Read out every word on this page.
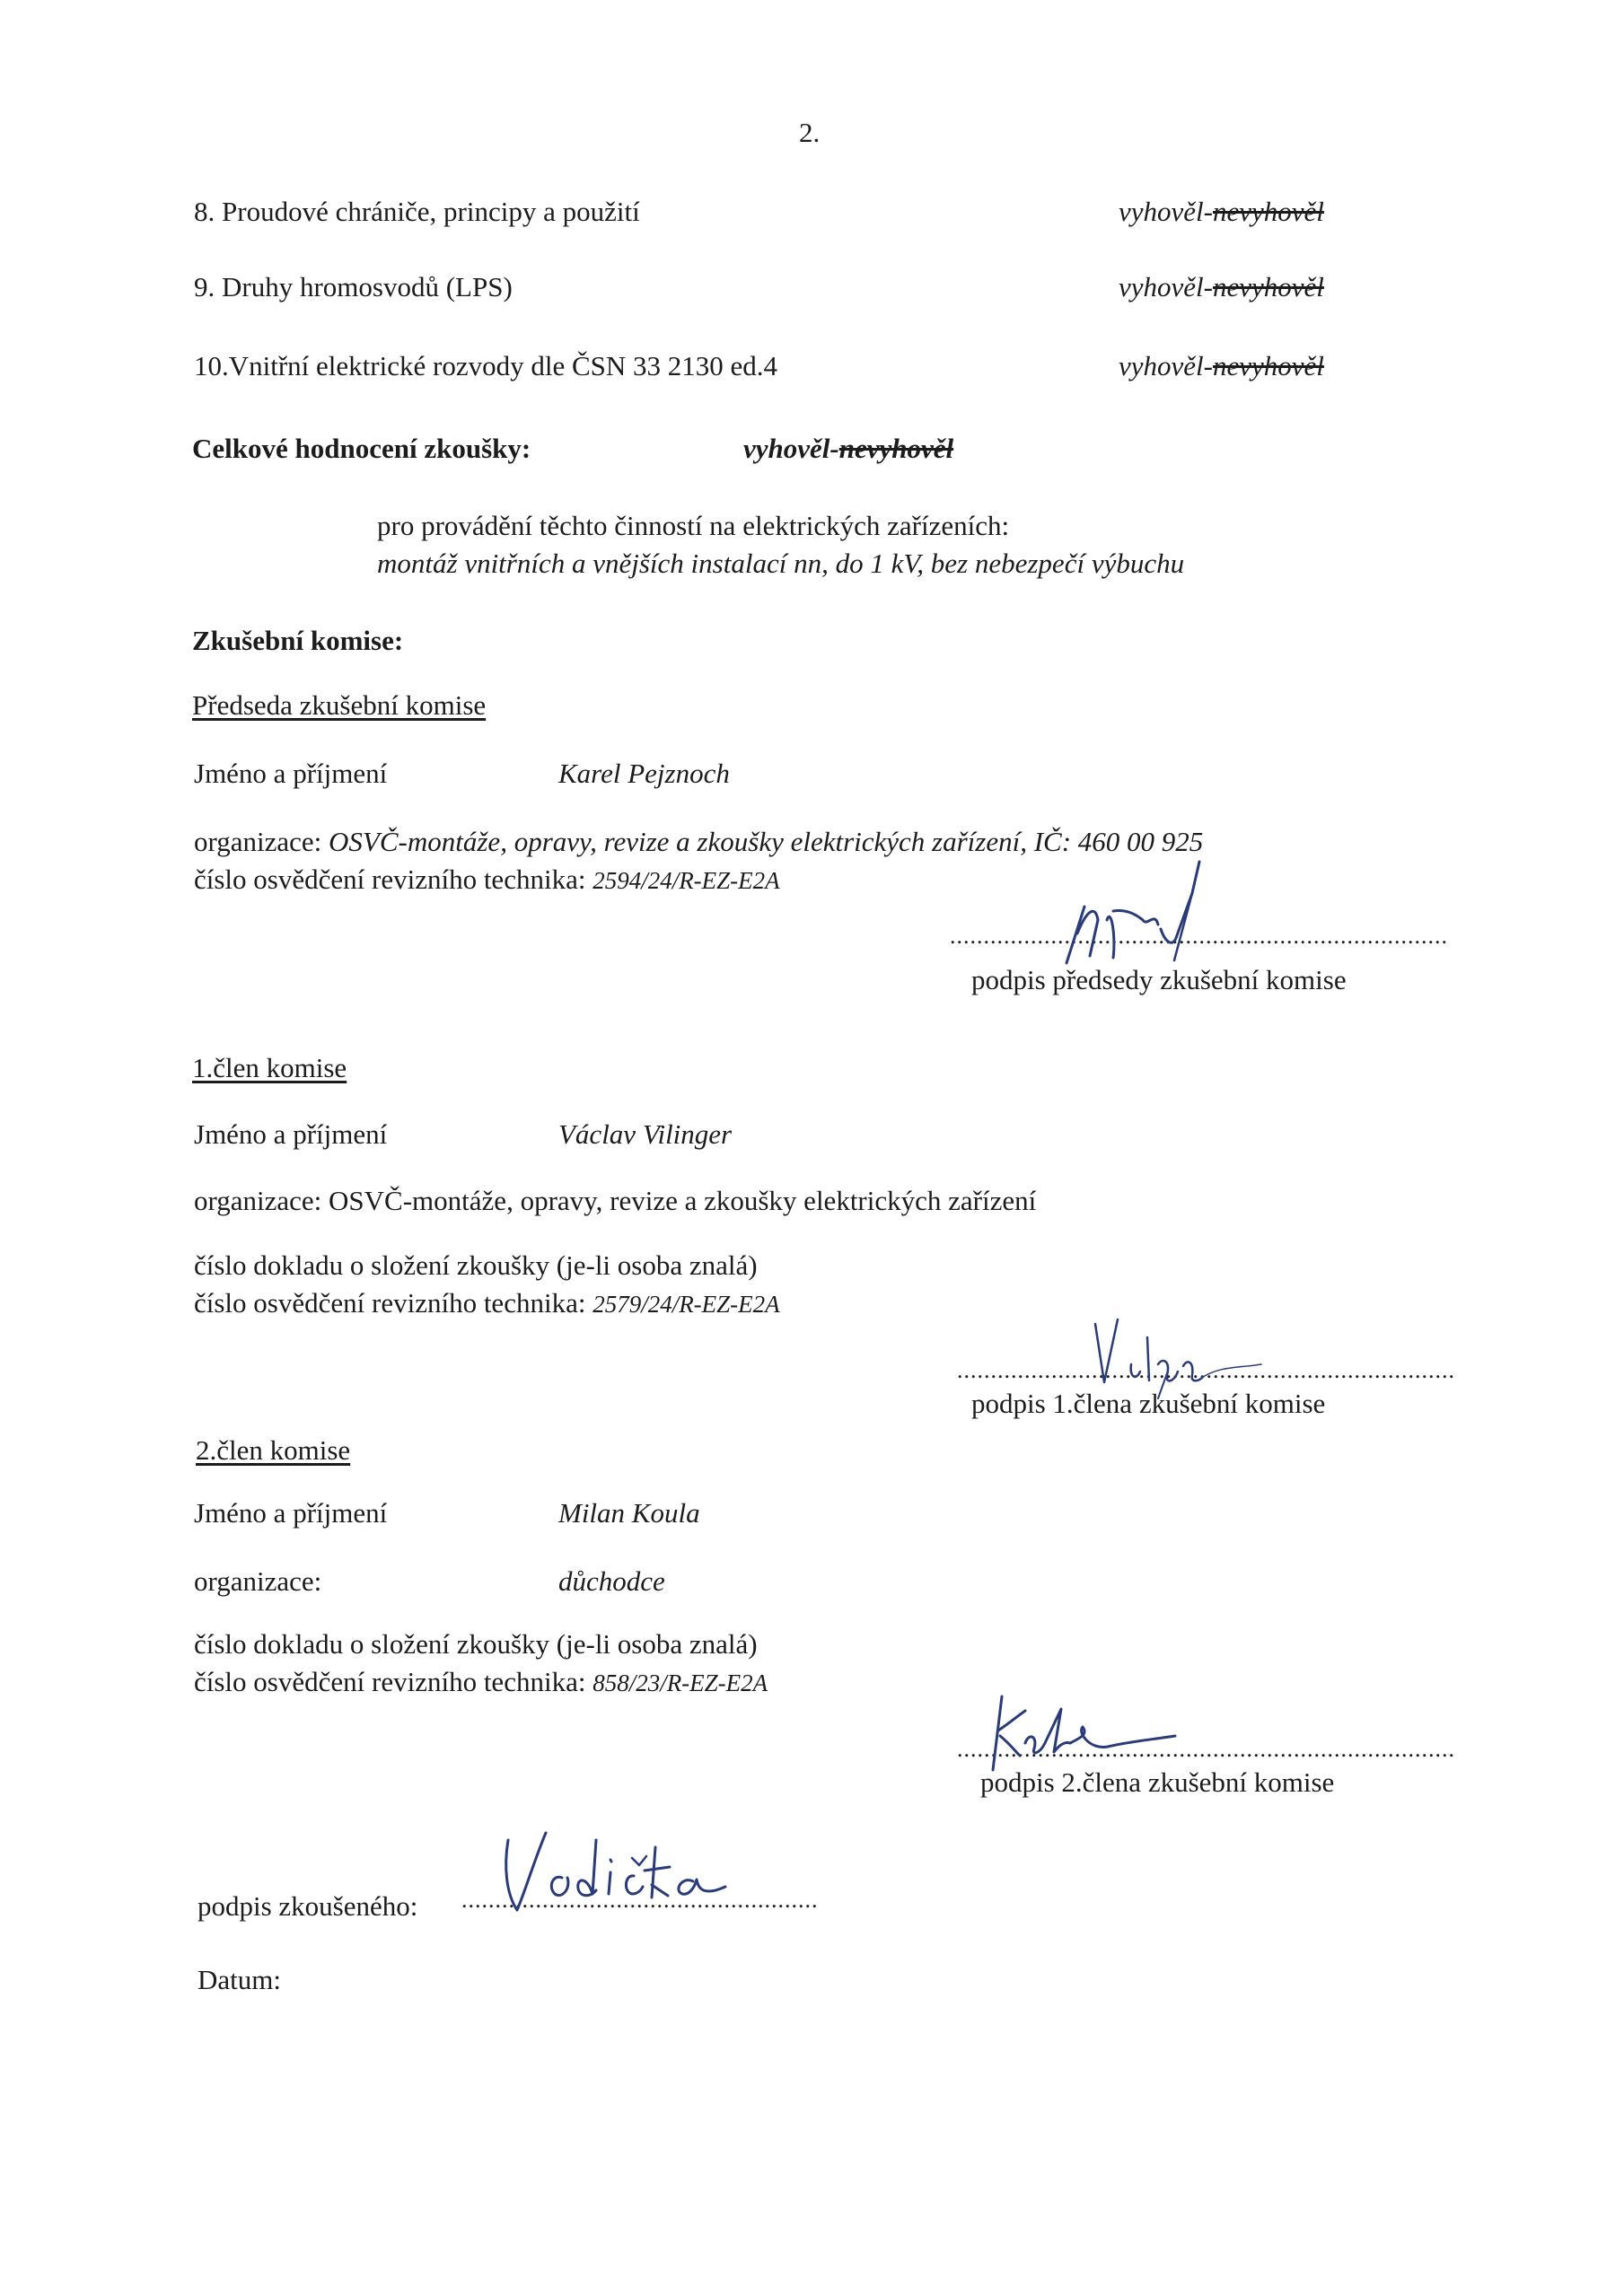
2.
8. Proudové chrániče, principy a použití	vyhověl-nevyhověl
9. Druhy hromosvodů (LPS)	vyhověl-nevyhověl
10.Vnitřní elektrické rozvody dle ČSN 33 2130 ed.4	vyhověl-nevyhověl
Celkové hodnocení zkoušky:	vyhověl-nevyhověl
pro provádění těchto činností na elektrických zařízeních:
montáž vnitřních a vnějších instalací nn, do 1 kV, bez nebezpečí výbuchu
Zkušební komise:
Předseda zkušební komise
Jméno a příjmení	Karel Pejznoch
organizace: OSVČ-montáže, opravy, revize a zkoušky elektrických zařízení, IČ: 460 00 925
číslo osvědčení revizního technika: 2594/24/R-EZ-E2A
..........................................................................
podpis předsedy zkušební komise
1.člen komise
Jméno a příjmení	Václav Vilinger
organizace: OSVČ-montáže, opravy, revize a zkoušky elektrických zařízení
číslo dokladu o složení zkoušky (je-li osoba znalá)
číslo osvědčení revizního technika: 2579/24/R-EZ-E2A
..........................................................................
podpis 1.člena zkušební komise
2.člen komise
Jméno a příjmení	Milan Koula
organizace:	důchodce
číslo dokladu o složení zkoušky (je-li osoba znalá)
číslo osvědčení revizního technika: 858/23/R-EZ-E2A
..........................................................................
podpis 2.člena zkušební komise
podpis zkoušeného: .....................................................
Datum:
